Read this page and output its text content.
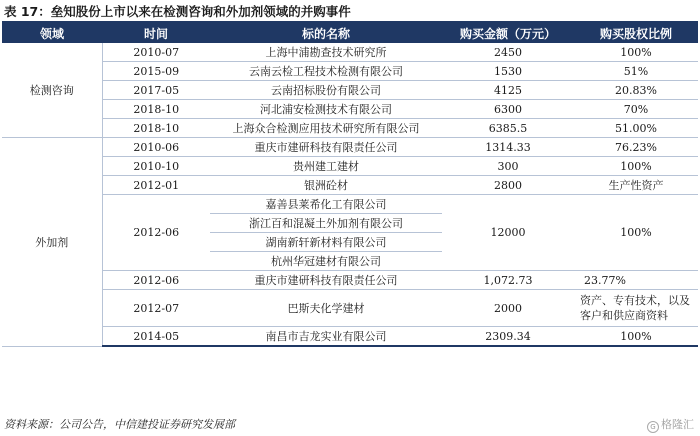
表 17：垒知股份上市以来在检测咨询和外加剂领域的并购事件
领域	时间	标的名称	购买金额（万元）	购买股权比例
检测咨询	2010-07	上海中浦勘查技术研究所	2450	100%
	2015-09	云南云检工程技术检测有限公司	1530	51%
	2017-05	云南招标股份有限公司	4125	20.83%
	2018-10	河北浦安检测技术有限公司	6300	70%
	2018-10	上海众合检测应用技术研究所有限公司	6385.5	51.00%
外加剂	2010-06	重庆市建研科技有限责任公司	1314.33	76.23%
	2010-10	贵州建工建材	300	100%
	2012-01	银洲砼材	2800	生产性资产
	2012-06	嘉善县莱希化工有限公司	12000	100%
		浙江百和混凝土外加剂有限公司		
		湖南新轩新材料有限公司		
		杭州华冠建材有限公司		
	2012-06	重庆市建研科技有限责任公司	1,072.73	23.77%
	2012-07	巴斯夫化学建材	2000	资产、专有技术，以及客户和供应商资料
	2014-05	南昌市吉龙实业有限公司	2309.34	100%
资料来源：公司公告，中信建投证券研究发展部	G 格隆汇
